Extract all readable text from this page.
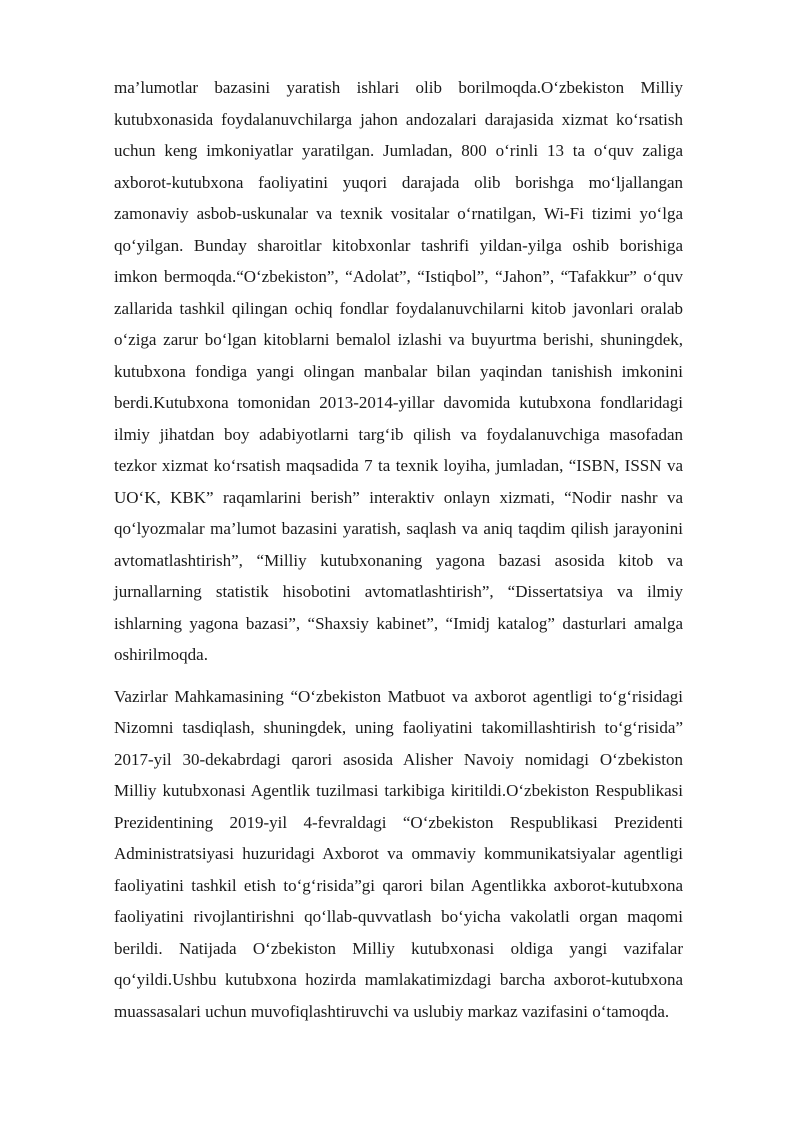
ma’lumotlar bazasini yaratish ishlari olib borilmoqda.O‘zbekiston Milliy kutubxonasida foydalanuvchilarga jahon andozalari darajasida xizmat ko‘rsatish uchun keng imkoniyatlar yaratilgan. Jumladan, 800 o‘rinli 13 ta o‘quv zaliga axborot-kutubxona faoliyatini yuqori darajada olib borishga mo‘ljallangan zamonaviy asbob-uskunalar va texnik vositalar o‘rnatilgan, Wi-Fi tizimi yo‘lga qo‘yilgan. Bunday sharoitlar kitobxonlar tashrifi yildan-yilga oshib borishiga imkon bermoqda.“O‘zbekiston”, “Adolat”, “Istiqbol”, “Jahon”, “Tafakkur” o‘quv zallarida tashkil qilingan ochiq fondlar foydalanuvchilarni kitob javonlari oralab o‘ziga zarur bo‘lgan kitoblarni bemalol izlashi va buyurtma berishi, shuningdek, kutubxona fondiga yangi olingan manbalar bilan yaqindan tanishish imkonini berdi.Kutubxona tomonidan 2013-2014-yillar davomida kutubxona fondlaridagi ilmiy jihatdan boy adabiyotlarni targ‘ib qilish va foydalanuvchiga masofadan tezkor xizmat ko‘rsatish maqsadida 7 ta texnik loyiha, jumladan, “ISBN, ISSN va UO‘K, KBK” raqamlarini berish” interaktiv onlayn xizmati, “Nodir nashr va qo‘lyozmalar ma’lumot bazasini yaratish, saqlash va aniq taqdim qilish jarayonini avtomatlashtirish”, “Milliy kutubxonaning yagona bazasi asosida kitob va jurnallarning statistik hisobotini avtomatlashtirish”, “Dissertatsiya va ilmiy ishlarning yagona bazasi”, “Shaxsiy kabinet”, “Imidj katalog” dasturlari amalga oshirilmoqda.

Vazirlar Mahkamasining “O‘zbekiston Matbuot va axborot agentligi to‘g‘risidagi Nizomni tasdiqlash, shuningdek, uning faoliyatini takomillashtirish to‘g‘risida” 2017-yil 30-dekabrdagi qarori asosida Alisher Navoiy nomidagi O‘zbekiston Milliy kutubxonasi Agentlik tuzilmasi tarkibiga kiritildi.O‘zbekiston Respublikasi Prezidentining 2019-yil 4-fevraldagi “O‘zbekiston Respublikasi Prezidenti Administratsiyasi huzuridagi Axborot va ommaviy kommunikatsiyalar agentligi faoliyatini tashkil etish to‘g‘risida”gi qarori bilan Agentlikka axborot-kutubxona faoliyatini rivojlantirishni qo‘llab-quvvatlash bo‘yicha vakolatli organ maqomi berildi. Natijada O‘zbekiston Milliy kutubxonasi oldiga yangi vazifalar qo‘yildi.Ushbu kutubxona hozirda mamlakatimizdagi barcha axborot-kutubxona muassasalari uchun muvofiqlashtiruvchi va uslubiy markaz vazifasini o‘tamoqda.
